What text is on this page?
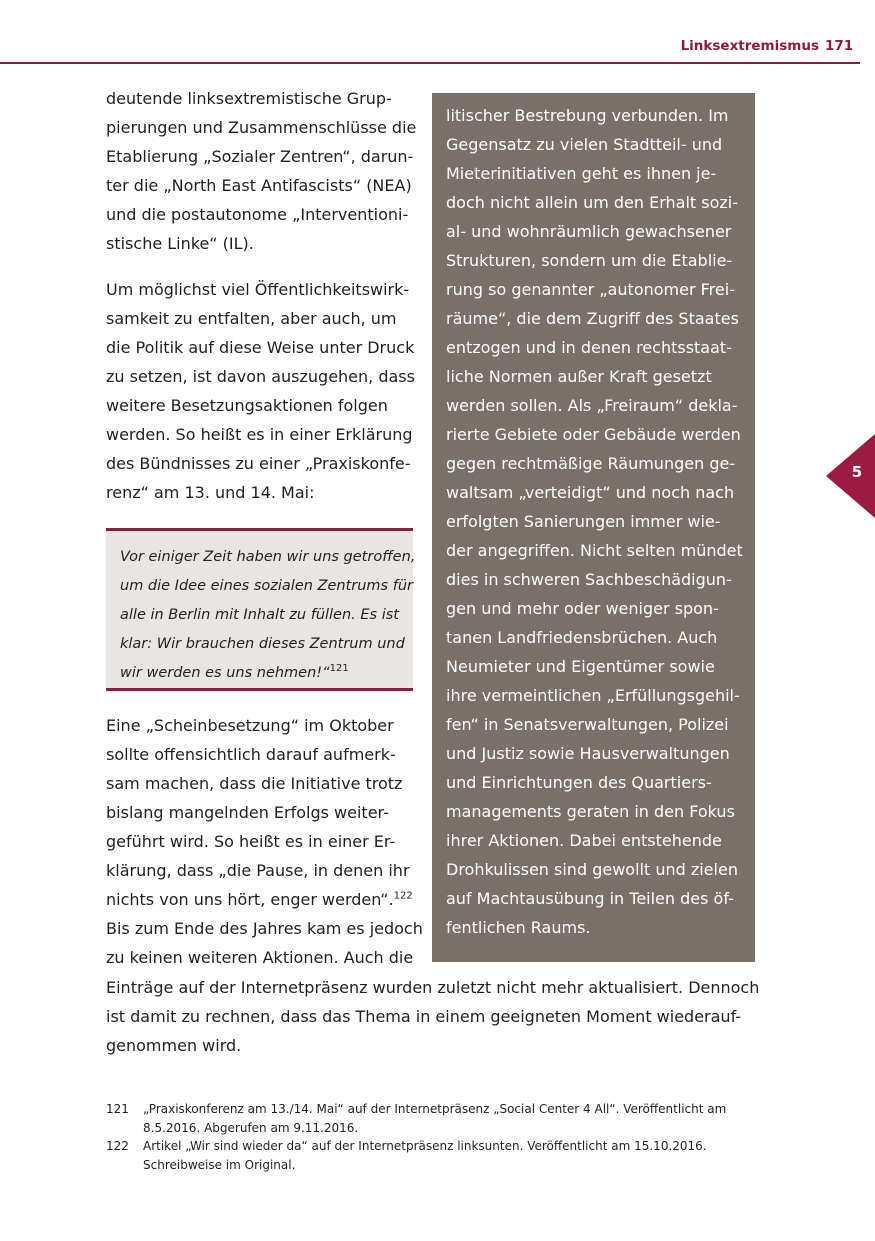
Linksextremismus 171
5
deutende linksextremistische Grup-
pierungen und Zusammenschlüsse die
Etablierung „Sozialer Zentren“, darun-
ter die „North East Antifascists“ (NEA)
und die postautonome „Interventioni-
stische Linke“ (IL).
Um möglichst viel Öffentlichkeitswirk-
samkeit zu entfalten, aber auch, um
die Politik auf diese Weise unter Druck
zu setzen, ist davon auszugehen, dass
weitere Besetzungsaktionen folgen
werden. So heißt es in einer Erklärung
des Bündnisses zu einer „Praxiskonfe-
renz“ am 13. und 14. Mai:
Vor einiger Zeit haben wir uns getroffen,
um die Idee eines sozialen Zentrums für
alle in Berlin mit Inhalt zu füllen. Es ist
klar: Wir brauchen dieses Zentrum und
wir werden es uns nehmen!“$^{121}$
Eine „Scheinbesetzung“ im Oktober
sollte offensichtlich darauf aufmerk-
sam machen, dass die Initiative trotz
bislang mangelnden Erfolgs weiter-
geführt wird. So heißt es in einer Er-
klärung, dass „die Pause, in denen ihr
nichts von uns hört, enger werden“.$^{122}$
Bis zum Ende des Jahres kam es jedoch
zu keinen weiteren Aktionen. Auch die
litischer Bestrebung verbunden. Im
Gegensatz zu vielen Stadtteil- und
Mieterinitiativen geht es ihnen je-
doch nicht allein um den Erhalt sozi-
al- und wohnräumlich gewachsener
Strukturen, sondern um die Etablie-
rung so genannter „autonomer Frei-
räume“, die dem Zugriff des Staates
entzogen und in denen rechtsstaat-
liche Normen außer Kraft gesetzt
werden sollen. Als „Freiraum“ dekla-
rierte Gebiete oder Gebäude werden
gegen rechtmäßige Räumungen ge-
waltsam „verteidigt“ und noch nach
erfolgten Sanierungen immer wie-
der angegriffen. Nicht selten mündet
dies in schweren Sachbeschädigun-
gen und mehr oder weniger spon-
tanen Landfriedensbrüchen. Auch
Neumieter und Eigentümer sowie
ihre vermeintlichen „Erfüllungsgehil-
fen“ in Senatsverwaltungen, Polizei
und Justiz sowie Hausverwaltungen
und Einrichtungen des Quartiers-
managements geraten in den Fokus
ihrer Aktionen. Dabei entstehende
Drohkulissen sind gewollt und zielen
auf Machtausübung in Teilen des öf-
fentlichen Raums.
Einträge auf der Internetpräsenz wurden zuletzt nicht mehr aktualisiert. Dennoch
ist damit zu rechnen, dass das Thema in einem geeigneten Moment wiederauf-
genommen wird.
121 „Praxiskonferenz am 13./14. Mai“ auf der Internetpräsenz „Social Center 4 All“. Veröffentlicht am
8.5.2016. Abgerufen am 9.11.2016.
122 Artikel „Wir sind wieder da“ auf der Internetpräsenz linksunten. Veröffentlicht am 15.10.2016.
Schreibweise im Original.
